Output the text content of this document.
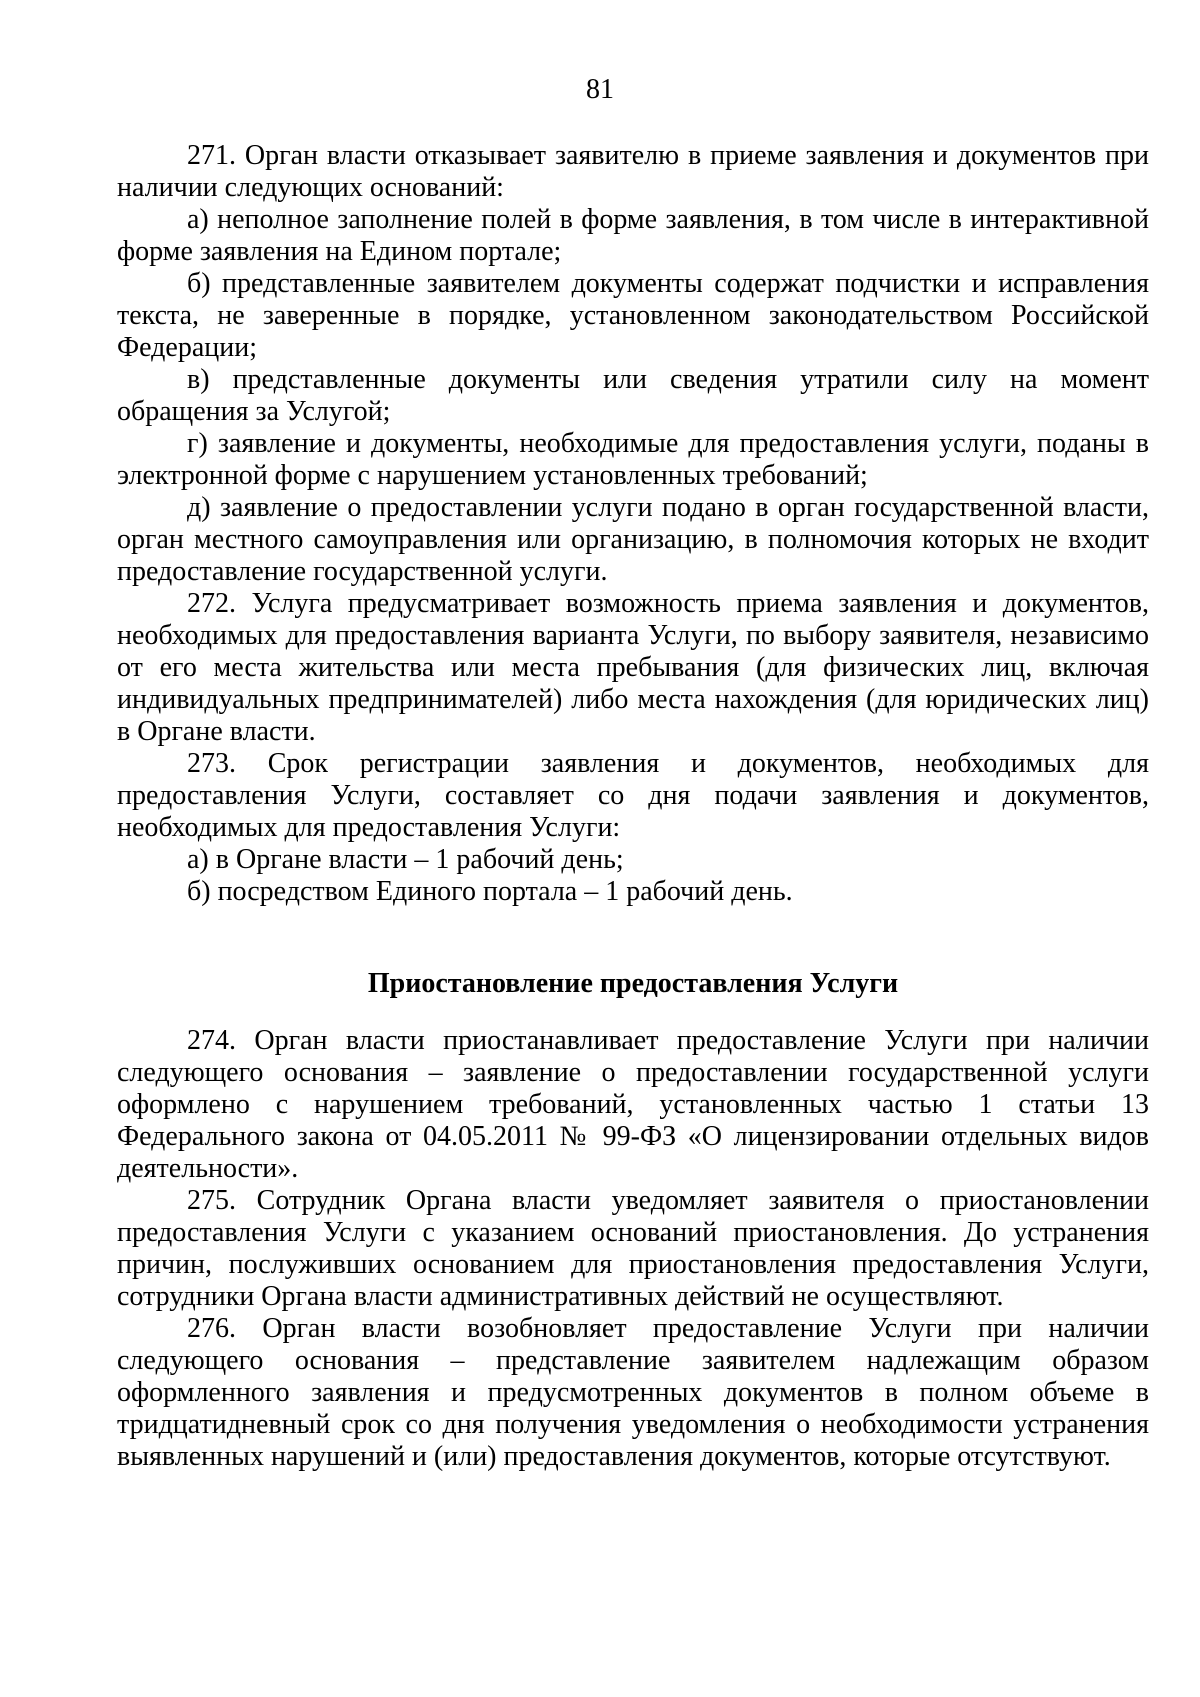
81

271. Орган власти отказывает заявителю в приеме заявления и документов при наличии следующих оснований:

а) неполное заполнение полей в форме заявления, в том числе в интерактивной форме заявления на Едином портале;

б) представленные заявителем документы содержат подчистки и исправления текста, не заверенные в порядке, установленном законодательством Российской Федерации;

в) представленные документы или сведения утратили силу на момент обращения за Услугой;

г) заявление и документы, необходимые для предоставления услуги, поданы в электронной форме с нарушением установленных требований;

д) заявление о предоставлении услуги подано в орган государственной власти, орган местного самоуправления или организацию, в полномочия которых не входит предоставление государственной услуги.

272. Услуга предусматривает возможность приема заявления и документов, необходимых для предоставления варианта Услуги, по выбору заявителя, независимо от его места жительства или места пребывания (для физических лиц, включая индивидуальных предпринимателей) либо места нахождения (для юридических лиц) в Органе власти.

273. Срок регистрации заявления и документов, необходимых для предоставления Услуги, составляет со дня подачи заявления и документов, необходимых для предоставления Услуги:

а) в Органе власти – 1 рабочий день;

б) посредством Единого портала – 1 рабочий день.

Приостановление предоставления Услуги

274. Орган власти приостанавливает предоставление Услуги при наличии следующего основания – заявление о предоставлении государственной услуги оформлено с нарушением требований, установленных частью 1 статьи 13 Федерального закона от 04.05.2011 № 99-ФЗ «О лицензировании отдельных видов деятельности».

275. Сотрудник Органа власти уведомляет заявителя о приостановлении предоставления Услуги с указанием оснований приостановления. До устранения причин, послуживших основанием для приостановления предоставления Услуги, сотрудники Органа власти административных действий не осуществляют.

276. Орган власти возобновляет предоставление Услуги при наличии следующего основания – представление заявителем надлежащим образом оформленного заявления и предусмотренных документов в полном объеме в тридцатидневный срок со дня получения уведомления о необходимости устранения выявленных нарушений и (или) предоставления документов, которые отсутствуют.
